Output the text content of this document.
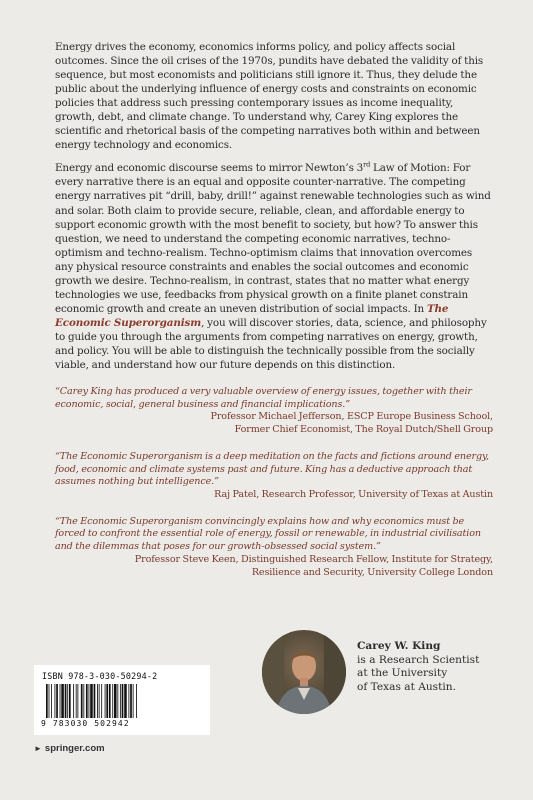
Energy drives the economy, economics informs policy, and policy affects social outcomes. Since the oil crises of the 1970s, pundits have debated the validity of this sequence, but most economists and politicians still ignore it. Thus, they delude the public about the underlying influence of energy costs and constraints on economic policies that address such pressing contemporary issues as income inequality, growth, debt, and climate change. To understand why, Carey King explores the scientific and rhetorical basis of the competing narratives both within and between energy technology and economics.

Energy and economic discourse seems to mirror Newton’s 3rd Law of Motion: For every narrative there is an equal and opposite counter-narrative. The competing energy narratives pit “drill, baby, drill!” against renewable technologies such as wind and solar. Both claim to provide secure, reliable, clean, and affordable energy to support economic growth with the most benefit to society, but how? To answer this question, we need to understand the competing economic narratives, techno-optimism and techno-realism. Techno-optimism claims that innovation overcomes any physical resource constraints and enables the social outcomes and economic growth we desire. Techno-realism, in contrast, states that no matter what energy technologies we use, feedbacks from physical growth on a finite planet constrain economic growth and create an uneven distribution of social impacts. In The Economic Superorganism, you will discover stories, data, science, and philosophy to guide you through the arguments from competing narratives on energy, growth, and policy. You will be able to distinguish the technically possible from the socially viable, and understand how our future depends on this distinction.

“Carey King has produced a very valuable overview of energy issues, together with their economic, social, general business and financial implications.”

Professor Michael Jefferson, ESCP Europe Business School,

Former Chief Economist, The Royal Dutch/Shell Group

“The Economic Superorganism is a deep meditation on the facts and fictions around energy, food, economic and climate systems past and future. King has a deductive approach that assumes nothing but intelligence.”

Raj Patel, Research Professor, University of Texas at Austin

“The Economic Superorganism convincingly explains how and why economics must be forced to confront the essential role of energy, fossil or renewable, in industrial civilisation and the dilemmas that poses for our growth-obsessed social system.”

Professor Steve Keen, Distinguished Research Fellow, Institute for Strategy,

Resilience and Security, University College London

Carey W. King

is a Research Scientist

at the University

of Texas at Austin.

ISBN 978-3-030-50294-2
9 783030 502942
► springer.com
